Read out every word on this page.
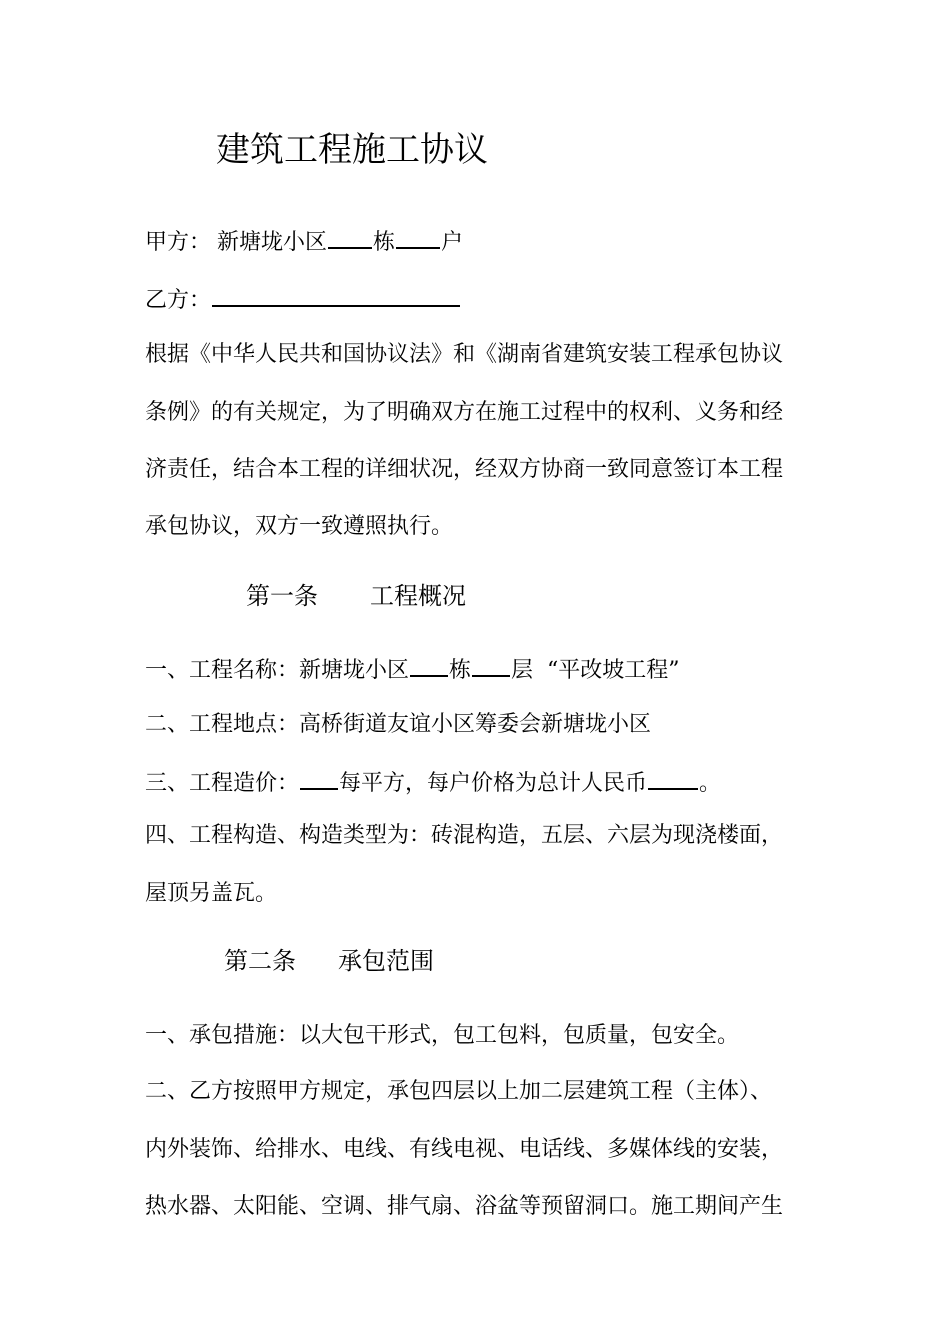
建筑工程施工协议
甲方： 新塘垅小区 栋 户
乙方：
根据《中华人民共和国协议法》和《湖南省建筑安装工程承包协议
条例》的有关规定，为了明确双方在施工过程中的权利、义务和经
济责任，结合本工程的详细状况，经双方协商一致同意签订本工程
承包协议，双方一致遵照执行。
第一条 工程概况
一、工程名称：新塘垅小区 栋 层 “平改坡工程”
二、工程地点：高桥街道友谊小区筹委会新塘垅小区
三、工程造价： 每平方，每户价格为总计人民币 。
四、工程构造、构造类型为：砖混构造，五层、六层为现浇楼面，
屋顶另盖瓦。
第二条 承包范围
一、承包措施：以大包干形式，包工包料，包质量，包安全。
二、乙方按照甲方规定，承包四层以上加二层建筑工程（主体）、
内外装饰、给排水、电线、有线电视、电话线、多媒体线的安装，
热水器、太阳能、空调、排气扇、浴盆等预留洞口。施工期间产生
